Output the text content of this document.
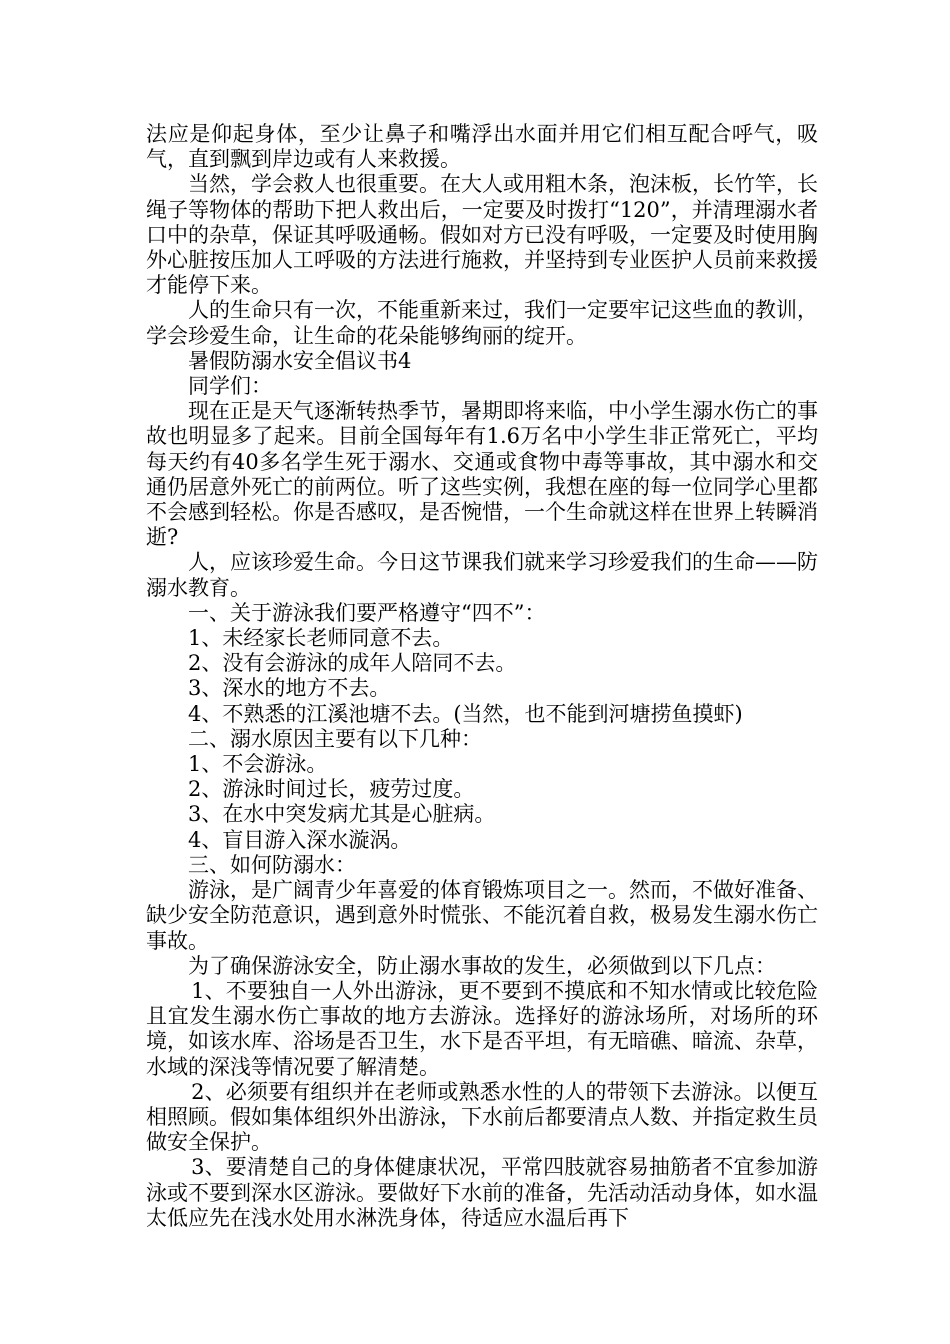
法应是仰起身体，至少让鼻子和嘴浮出水面并用它们相互配合呼气，吸气，直到飘到岸边或有人来救援。

当然，学会救人也很重要。在大人或用粗木条，泡沫板，长竹竿，长绳子等物体的帮助下把人救出后，一定要及时拨打“120”，并清理溺水者口中的杂草，保证其呼吸通畅。假如对方已没有呼吸，一定要及时使用胸外心脏按压加人工呼吸的方法进行施救，并坚持到专业医护人员前来救援才能停下来。

人的生命只有一次，不能重新来过，我们一定要牢记这些血的教训，学会珍爱生命，让生命的花朵能够绚丽的绽开。

暑假防溺水安全倡议书4

同学们：

现在正是天气逐渐转热季节，暑期即将来临，中小学生溺水伤亡的事故也明显多了起来。目前全国每年有1.6万名中小学生非正常死亡，平均每天约有40多名学生死于溺水、交通或食物中毒等事故，其中溺水和交通仍居意外死亡的前两位。听了这些实例，我想在座的每一位同学心里都不会感到轻松。你是否感叹，是否惋惜，一个生命就这样在世界上转瞬消逝?

人，应该珍爱生命。今日这节课我们就来学习珍爱我们的生命——防溺水教育。

一、关于游泳我们要严格遵守“四不”：

1、未经家长老师同意不去。

2、没有会游泳的成年人陪同不去。

3、深水的地方不去。

4、不熟悉的江溪池塘不去。(当然，也不能到河塘捞鱼摸虾)

二、溺水原因主要有以下几种：

1、不会游泳。

2、游泳时间过长，疲劳过度。

3、在水中突发病尤其是心脏病。

4、盲目游入深水漩涡。

三、如何防溺水：

游泳，是广阔青少年喜爱的体育锻炼项目之一。然而，不做好准备、缺少安全防范意识，遇到意外时慌张、不能沉着自救，极易发生溺水伤亡事故。

为了确保游泳安全，防止溺水事故的发生，必须做到以下几点：

1、不要独自一人外出游泳，更不要到不摸底和不知水情或比较危险且宜发生溺水伤亡事故的地方去游泳。选择好的游泳场所，对场所的环境，如该水库、浴场是否卫生，水下是否平坦，有无暗礁、暗流、杂草，水域的深浅等情况要了解清楚。

2、必须要有组织并在老师或熟悉水性的人的带领下去游泳。以便互相照顾。假如集体组织外出游泳，下水前后都要清点人数、并指定救生员做安全保护。

3、要清楚自己的身体健康状况，平常四肢就容易抽筋者不宜参加游泳或不要到深水区游泳。要做好下水前的准备，先活动活动身体，如水温太低应先在浅水处用水淋洗身体，待适应水温后再下
